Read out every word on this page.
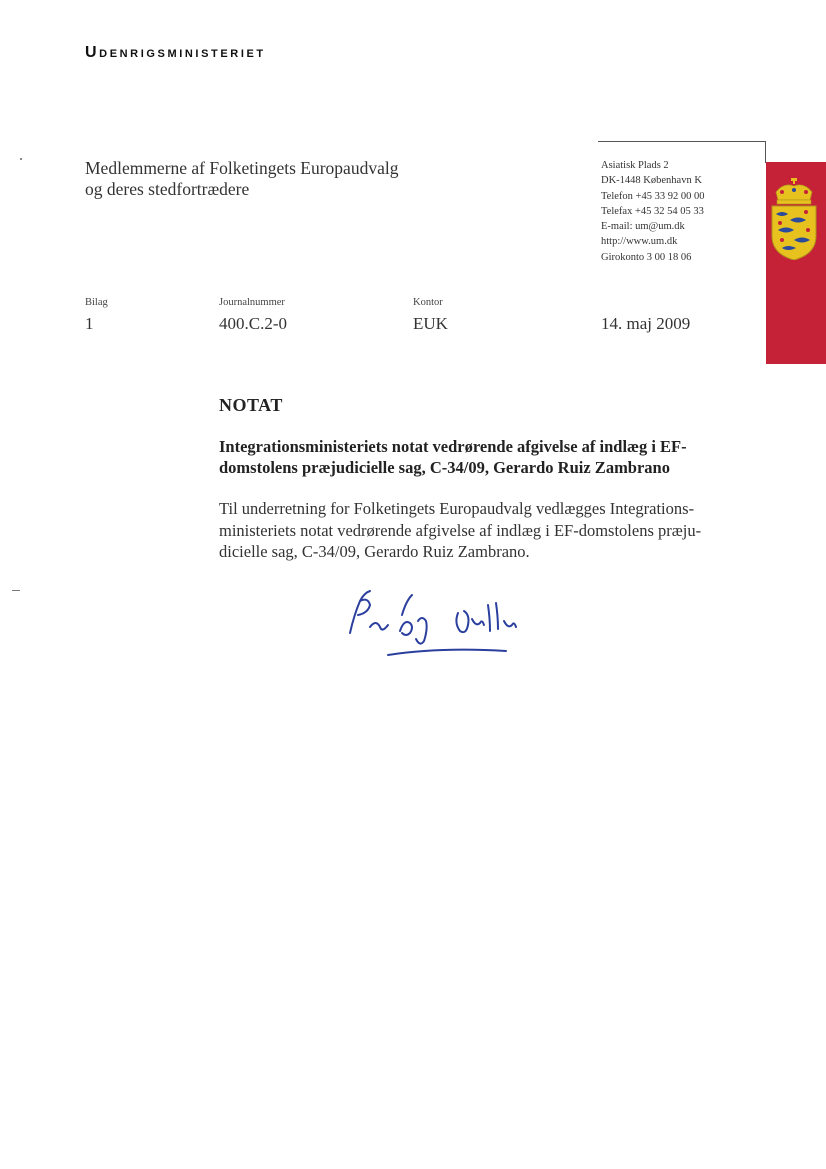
Udenrigsministeriet
Medlemmerne af Folketingets Europaudvalg
og deres stedfortrædere
Asiatisk Plads 2
DK-1448 København K
Telefon +45 33 92 00 00
Telefax +45 32 54 05 33
E-mail: um@um.dk
http://www.um.dk
Girokonto 3 00 18 06
Bilag
1
Journalnummer
400.C.2-0
Kontor
EUK	14. maj 2009
NOTAT
Integrationsministeriets notat vedrørende afgivelse af indlæg i EF-
domstolens præjudicielle sag, C-34/09, Gerardo Ruiz Zambrano
Til underretning for Folketingets Europaudvalg vedlægges Integrations-
ministeriets notat vedrørende afgivelse af indlæg i EF-domstolens præju-
dicielle sag, C-34/09, Gerardo Ruiz Zambrano.
